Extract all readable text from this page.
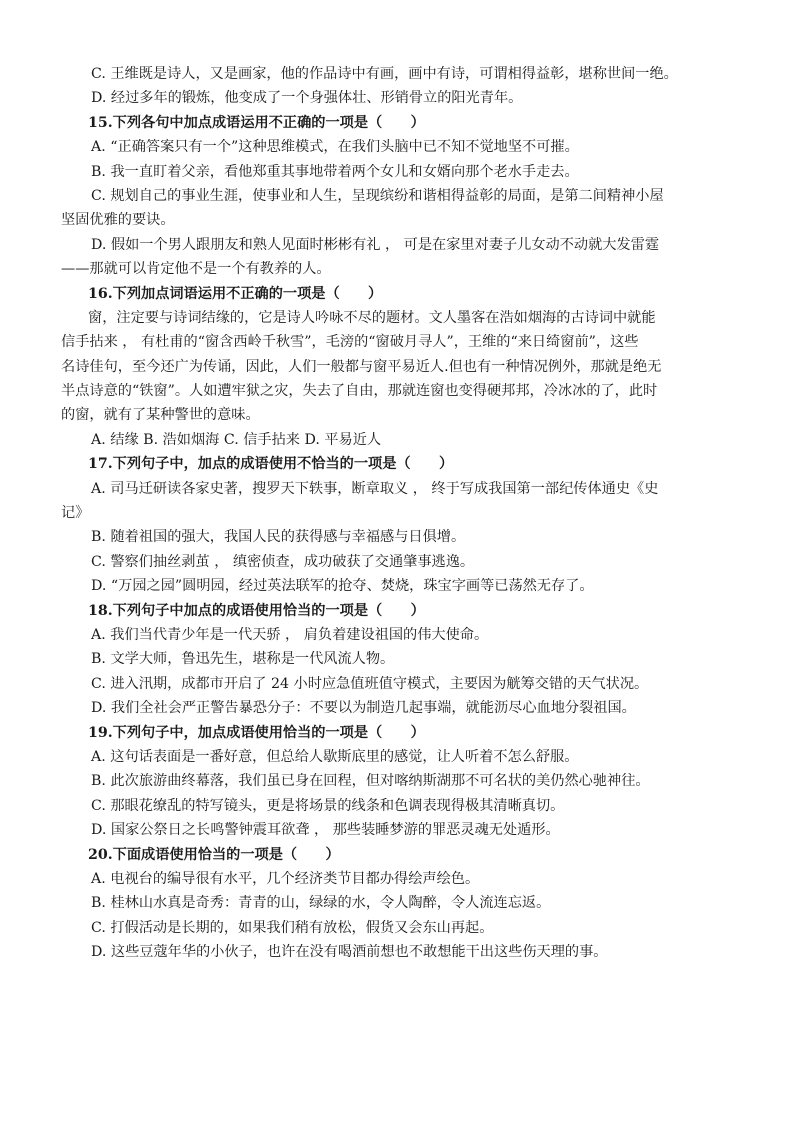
C. 王维既是诗人，又是画家，他的作品诗中有画，画中有诗，可谓相得益彰，堪称世间一绝。
D. 经过多年的锻炼，他变成了一个身强体壮、形销骨立的阳光青年。
15.下列各句中加点成语运用不正确的一项是（　　）
A. “正确答案只有一个”这种思维模式，在我们头脑中已不知不觉地坚不可摧。
B. 我一直盯着父亲，看他郑重其事地带着两个女儿和女婿向那个老水手走去。
C. 规划自己的事业生涯，使事业和人生，呈现缤纷和谐相得益彰的局面，是第二间精神小屋
坚固优雅的要诀。
D. 假如一个男人跟朋友和熟人见面时彬彬有礼 ， 可是在家里对妻子儿女动不动就大发雷霆
——那就可以肯定他不是一个有教养的人。
16.下列加点词语运用不正确的一项是（　　）
窗，注定要与诗词结缘的，它是诗人吟咏不尽的题材。文人墨客在浩如烟海的古诗词中就能
信手拈来 ， 有杜甫的“窗含西岭千秋雪”，毛滂的“窗破月寻人”，王维的“来日绮窗前”，这些
名诗佳句，至今还广为传诵，因此，人们一般都与窗平易近人.但也有一种情况例外，那就是绝无
半点诗意的“铁窗”。人如遭牢狱之灾，失去了自由，那就连窗也变得硬邦邦，冷冰冰的了，此时
的窗，就有了某种警世的意味。
A. 结缘 B. 浩如烟海 C. 信手拈来 D. 平易近人
17.下列句子中，加点的成语使用不恰当的一项是（　　）
A. 司马迁研读各家史著，搜罗天下轶事，断章取义 ， 终于写成我国第一部纪传体通史《史
记》
B. 随着祖国的强大，我国人民的获得感与幸福感与日俱增。
C. 警察们抽丝剥茧 ， 缜密侦查，成功破获了交通肇事逃逸。
D. “万园之园”圆明园，经过英法联军的抢夺、焚烧，珠宝字画等已荡然无存了。
18.下列句子中加点的成语使用恰当的一项是（　　）
A. 我们当代青少年是一代天骄 ， 肩负着建设祖国的伟大使命。
B. 文学大师，鲁迅先生，堪称是一代风流人物。
C. 进入汛期，成都市开启了 24 小时应急值班值守模式，主要因为觥筹交错的天气状况。
D. 我们全社会严正警告暴恐分子：不要以为制造几起事端，就能沥尽心血地分裂祖国。
19.下列句子中，加点成语使用恰当的一项是（　　）
A. 这句话表面是一番好意，但总给人歇斯底里的感觉，让人听着不怎么舒服。
B. 此次旅游曲终幕落，我们虽已身在回程，但对喀纳斯湖那不可名状的美仍然心驰神往。
C. 那眼花缭乱的特写镜头，更是将场景的线条和色调表现得极其清晰真切。
D. 国家公祭日之长鸣警钟震耳欲聋 ， 那些装睡梦游的罪恶灵魂无处遁形。
20.下面成语使用恰当的一项是（　　）
A. 电视台的编导很有水平，几个经济类节目都办得绘声绘色。
B. 桂林山水真是奇秀：青青的山，绿绿的水，令人陶醉，令人流连忘返。
C. 打假活动是长期的，如果我们稍有放松，假货又会东山再起。
D. 这些豆蔻年华的小伙子，也许在没有喝酒前想也不敢想能干出这些伤天理的事。
